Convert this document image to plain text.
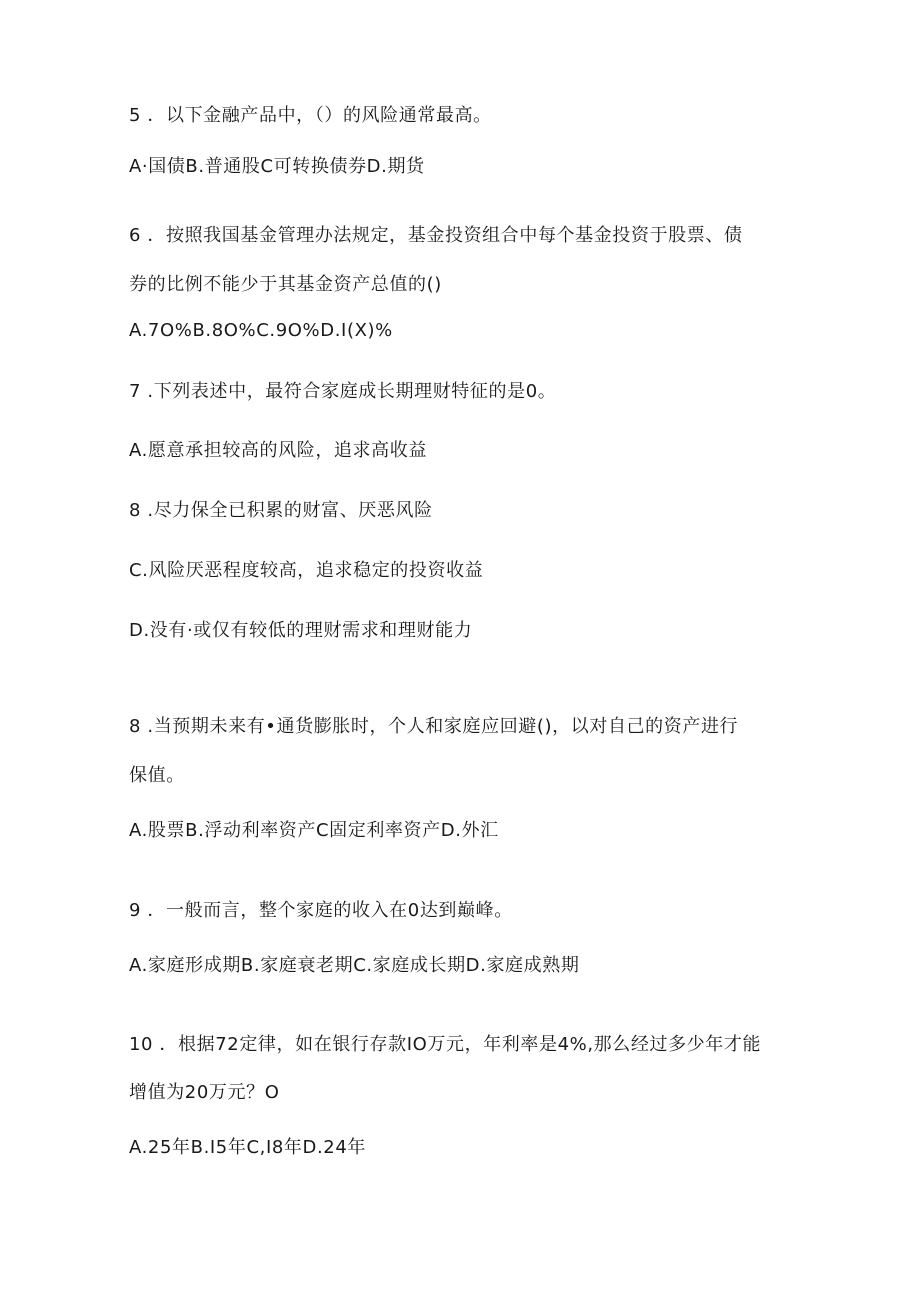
5 ．以下金融产品中，（）的风险通常最高。
A·国债B.普通股C可转换债券D.期货
6 ．按照我国基金管理办法规定，基金投资组合中每个基金投资于股票、债
券的比例不能少于其基金资产总值的()
A.7O%B.8O%C.9O%D.I(X)%
7 .下列表述中，最符合家庭成长期理财特征的是0。
A.愿意承担较高的风险，追求高收益
8 .尽力保全已积累的财富、厌恶风险
C.风险厌恶程度较高，追求稳定的投资收益
D.没有·或仅有较低的理财需求和理财能力
8 .当预期未来有•通货膨胀时，个人和家庭应回避()，以对自己的资产进行
保值。
A.股票B.浮动利率资产C固定利率资产D.外汇
9 ．一般而言，整个家庭的收入在0达到巅峰。
A.家庭形成期B.家庭衰老期C.家庭成长期D.家庭成熟期
10 ．根据72定律，如在银行存款IO万元，年利率是4%,那么经过多少年才能
增值为20万元？O
A.25年B.I5年C,I8年D.24年
